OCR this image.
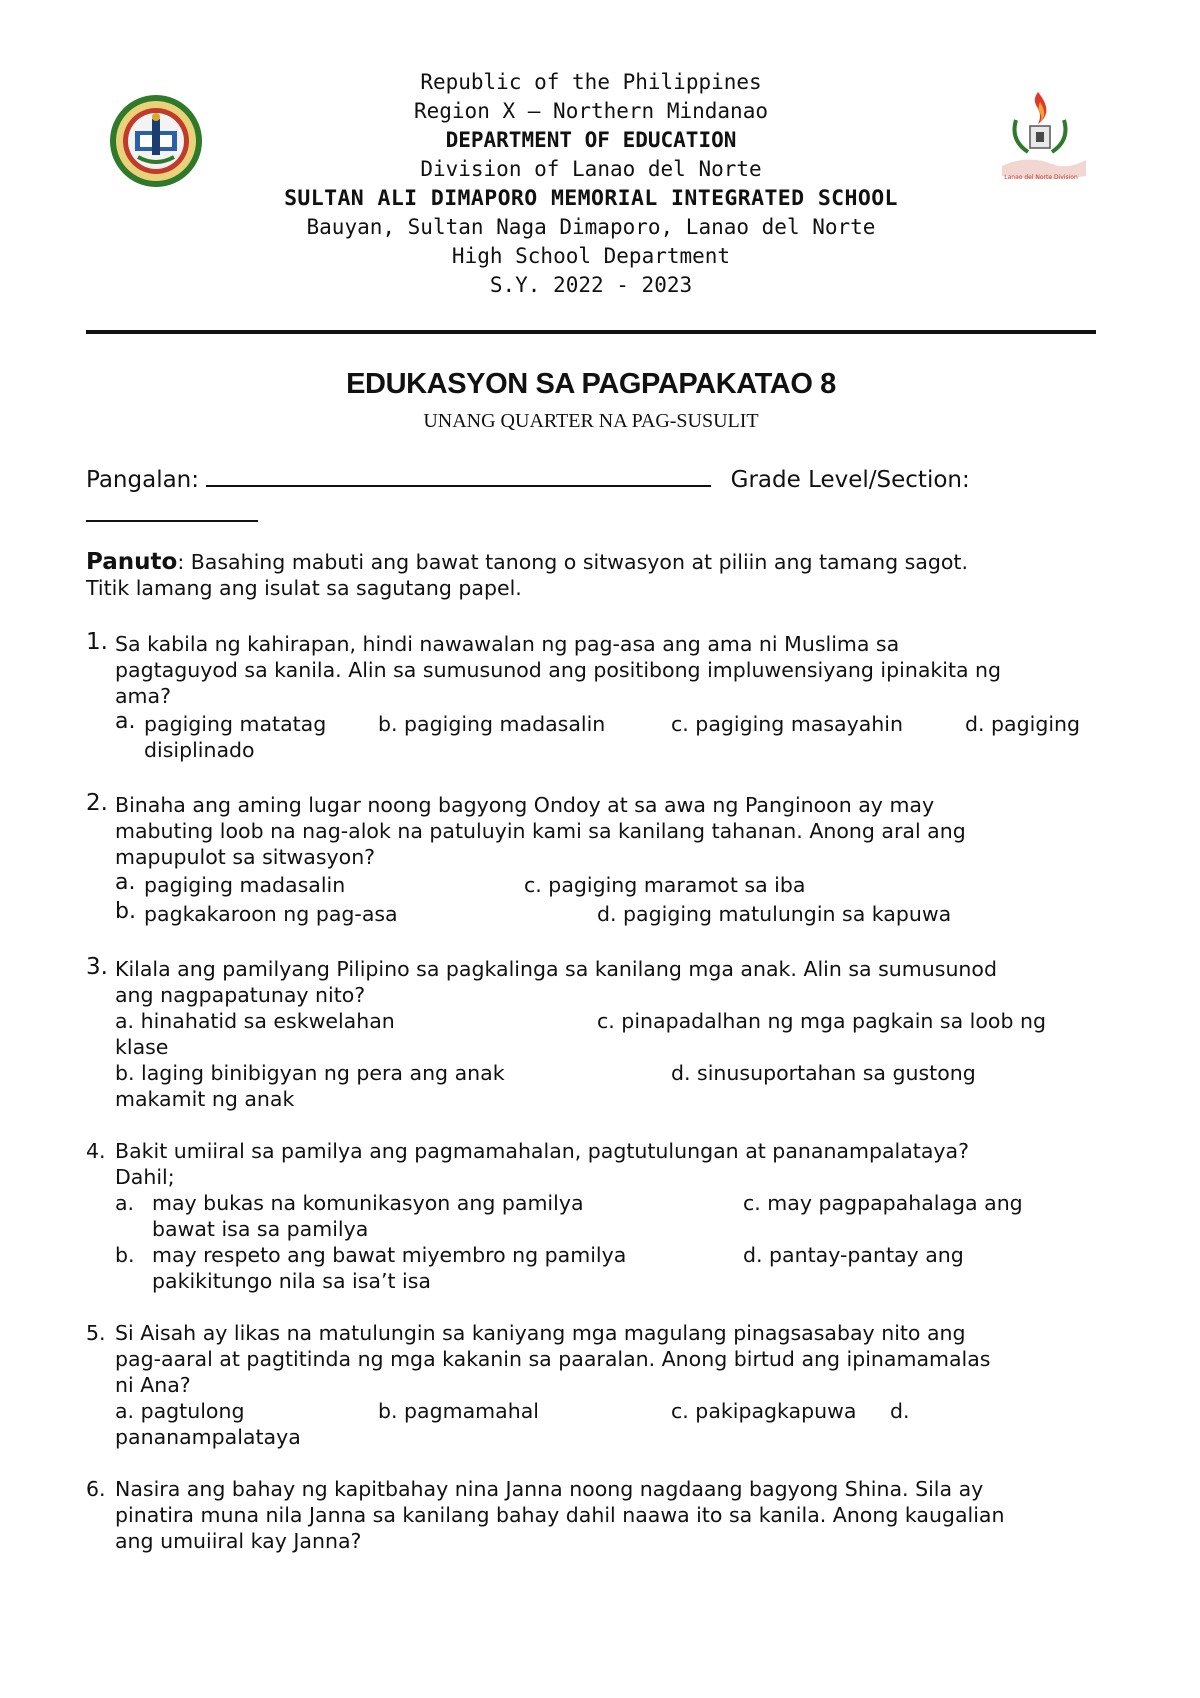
Lanao del Norte Division
Republic of the Philippines
Region X – Northern Mindanao
DEPARTMENT OF EDUCATION
Division of Lanao del Norte
SULTAN ALI DIMAPORO MEMORIAL INTEGRATED SCHOOL
Bauyan, Sultan Naga Dimaporo, Lanao del Norte
High School Department
S.Y. 2022 - 2023
EDUKASYON SA PAGPAPAKATAO 8
UNANG QUARTER NA PAG-SUSULIT
Pangalan:	Grade Level/Section:
Panuto: Basahing mabuti ang bawat tanong o sitwasyon at piliin ang tamang sagot.
Titik lamang ang isulat sa sagutang papel.
1. Sa kabila ng kahirapan, hindi nawawalan ng pag-asa ang ama ni Muslima sa
pagtaguyod sa kanila. Alin sa sumusunod ang positibong impluwensiyang ipinakita ng
ama?
a. pagiging matatag	b. pagiging madasalin	c. pagiging masayahin	d. pagiging
disiplinado
2. Binaha ang aming lugar noong bagyong Ondoy at sa awa ng Panginoon ay may
mabuting loob na nag-alok na patuluyin kami sa kanilang tahanan. Anong aral ang
mapupulot sa sitwasyon?
a. pagiging madasalin	c. pagiging maramot sa iba
b. pagkakaroon ng pag-asa	d. pagiging matulungin sa kapuwa
3. Kilala ang pamilyang Pilipino sa pagkalinga sa kanilang mga anak. Alin sa sumusunod
ang nagpapatunay nito?
a. hinahatid sa eskwelahan	c. pinapadalhan ng mga pagkain sa loob ng
klase
b. laging binibigyan ng pera ang anak	d. sinusuportahan sa gustong
makamit ng anak
4. Bakit umiiral sa pamilya ang pagmamahalan, pagtutulungan at pananampalataya?
Dahil;
a. may bukas na komunikasyon ang pamilya	c. may pagpapahalaga ang
bawat isa sa pamilya
b. may respeto ang bawat miyembro ng pamilya	d. pantay-pantay ang
pakikitungo nila sa isa’t isa
5. Si Aisah ay likas na matulungin sa kaniyang mga magulang pinagsasabay nito ang
pag-aaral at pagtitinda ng mga kakanin sa paaralan. Anong birtud ang ipinamamalas
ni Ana?
a. pagtulong	b. pagmamahal	c. pakipagkapuwa d.
pananampalataya
6. Nasira ang bahay ng kapitbahay nina Janna noong nagdaang bagyong Shina. Sila ay
pinatira muna nila Janna sa kanilang bahay dahil naawa ito sa kanila. Anong kaugalian
ang umuiiral kay Janna?
